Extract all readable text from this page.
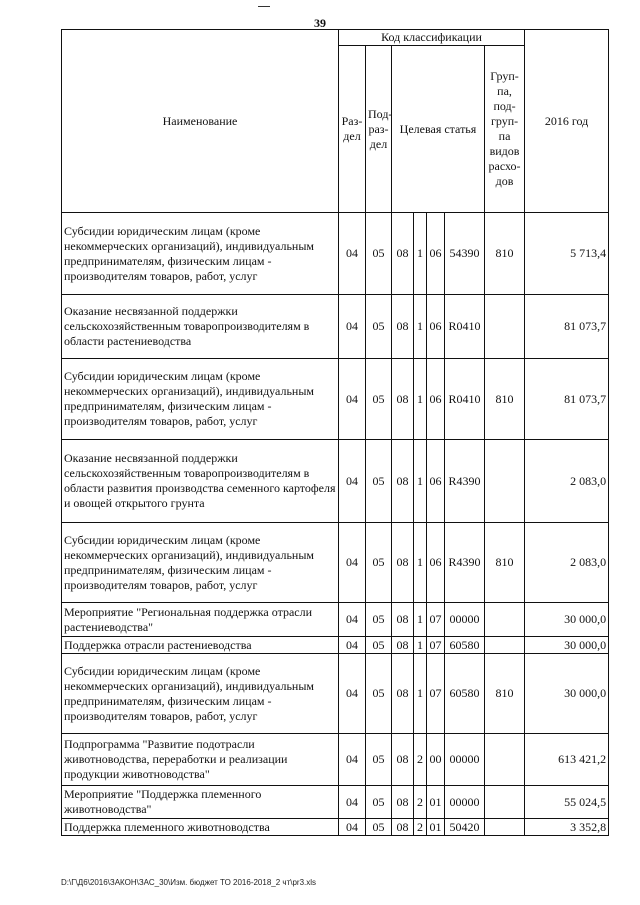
39
Наименование	Код классификации							2016 год
	Раз- дел	Под- раз- дел	Целевая статья				Груп- па, под- груп- па видов расхо- дов	
Субсидии юридическим лицам (кроме некоммерческих организаций), индивидуальным предпринимателям, физическим лицам - производителям товаров, работ, услуг	04	05	08	1	06	54390	810	5 713,4
Оказание несвязанной поддержки сельскохозяйственным товаропроизводителям в области растениеводства	04	05	08	1	06	R0410		81 073,7
Субсидии юридическим лицам (кроме некоммерческих организаций), индивидуальным предпринимателям, физическим лицам - производителям товаров, работ, услуг	04	05	08	1	06	R0410	810	81 073,7
Оказание несвязанной поддержки сельскохозяйственным товаропроизводителям в области развития производства семенного картофеля и овощей открытого грунта	04	05	08	1	06	R4390		2 083,0
Субсидии юридическим лицам (кроме некоммерческих организаций), индивидуальным предпринимателям, физическим лицам - производителям товаров, работ, услуг	04	05	08	1	06	R4390	810	2 083,0
Мероприятие "Региональная поддержка отрасли растениеводства"	04	05	08	1	07	00000		30 000,0
Поддержка отрасли растениеводства	04	05	08	1	07	60580		30 000,0
Субсидии юридическим лицам (кроме некоммерческих организаций), индивидуальным предпринимателям, физическим лицам - производителям товаров, работ, услуг	04	05	08	1	07	60580	810	30 000,0
Подпрограмма "Развитие подотрасли животноводства, переработки и реализации продукции животноводства"	04	05	08	2	00	00000		613 421,2
Мероприятие "Поддержка племенного животноводства"	04	05	08	2	01	00000		55 024,5
Поддержка племенного животноводства	04	05	08	2	01	50420		3 352,8
D:\Г\Д6\2016\ЗАКОН\ЗАС_30\Изм. бюджет ТО 2016-2018_2 чт\pr3.xls
